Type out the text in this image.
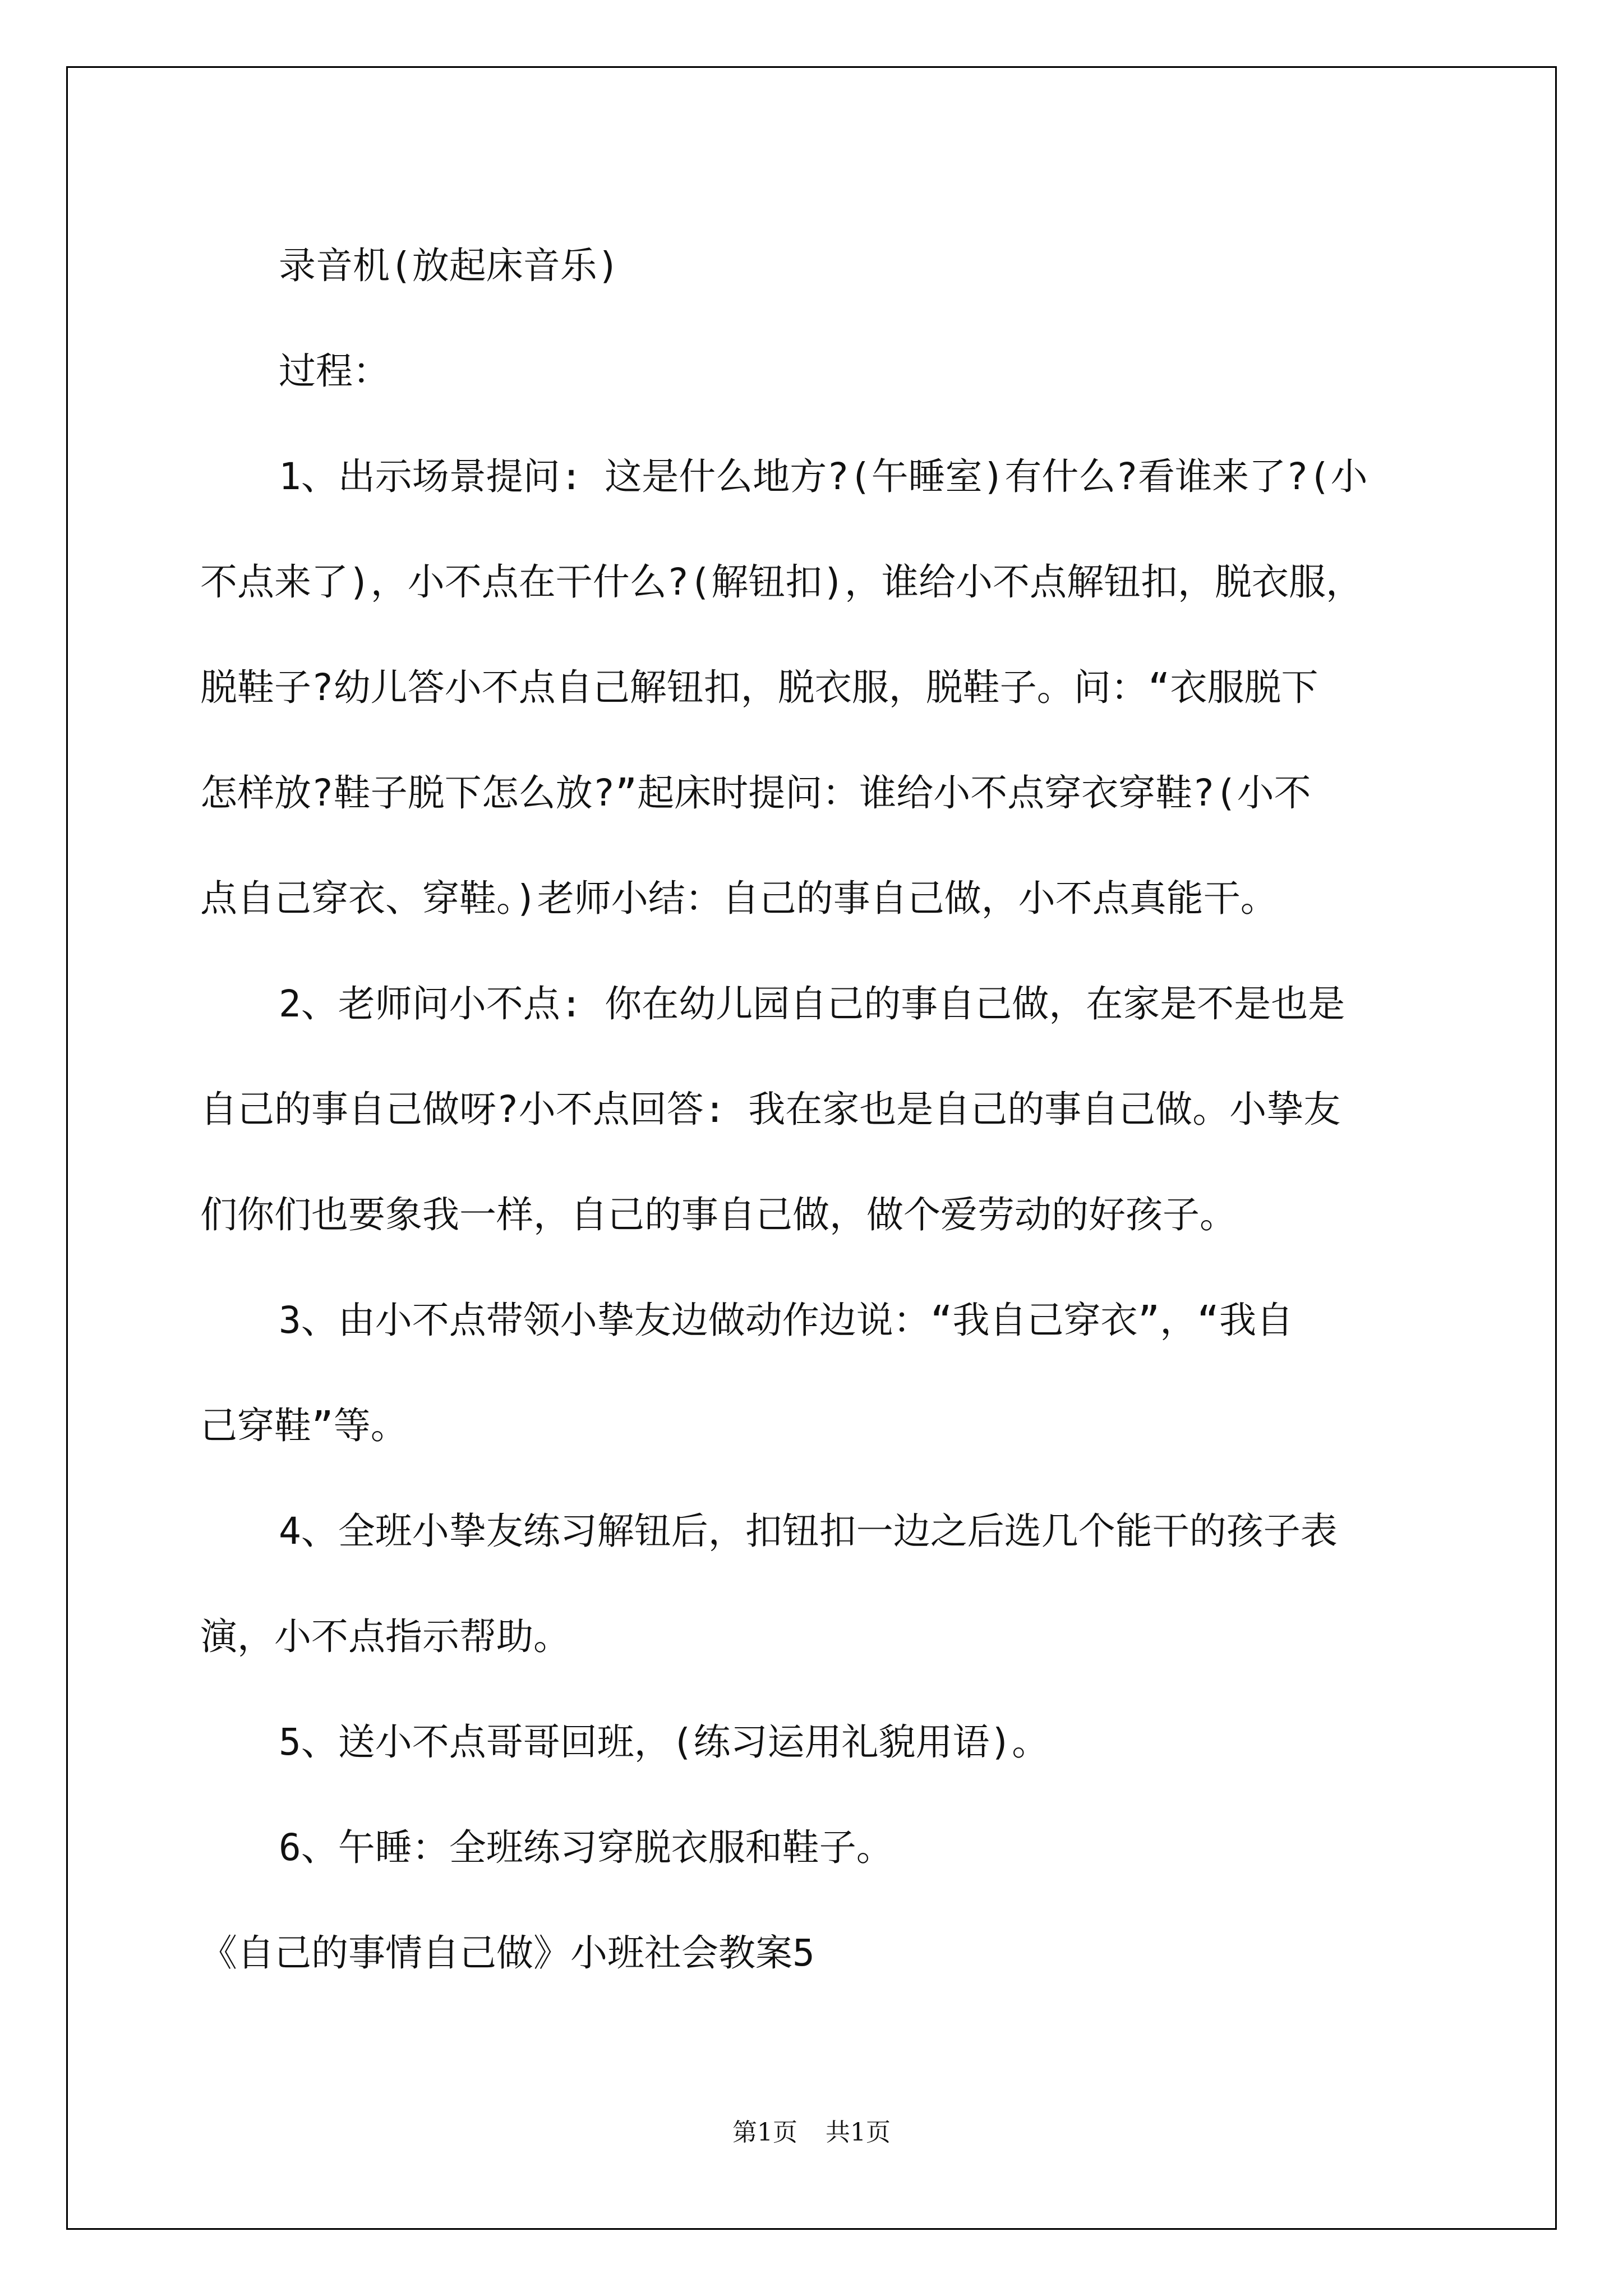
录音机(放起床音乐)

过程：

1、出示场景提问: 这是什么地方?(午睡室)有什么?看谁来了?(小
不点来了)，小不点在干什么?(解钮扣)，谁给小不点解钮扣，脱衣服，
脱鞋子?幼儿答小不点自己解钮扣，脱衣服，脱鞋子。问：“衣服脱下
怎样放?鞋子脱下怎么放?”起床时提问：谁给小不点穿衣穿鞋?(小不
点自己穿衣、穿鞋。)老师小结：自己的事自己做，小不点真能干。

2、老师问小不点: 你在幼儿园自己的事自己做，在家是不是也是
自己的事自己做呀?小不点回答: 我在家也是自己的事自己做。小挚友
们你们也要象我一样，自己的事自己做，做个爱劳动的好孩子。

3、由小不点带领小挚友边做动作边说：“我自己穿衣”，“我自
己穿鞋”等。

4、全班小挚友练习解钮后，扣钮扣一边之后选几个能干的孩子表
演，小不点指示帮助。

5、送小不点哥哥回班，(练习运用礼貌用语)。

6、午睡：全班练习穿脱衣服和鞋子。

《自己的事情自己做》小班社会教案5

第1页 共1页
